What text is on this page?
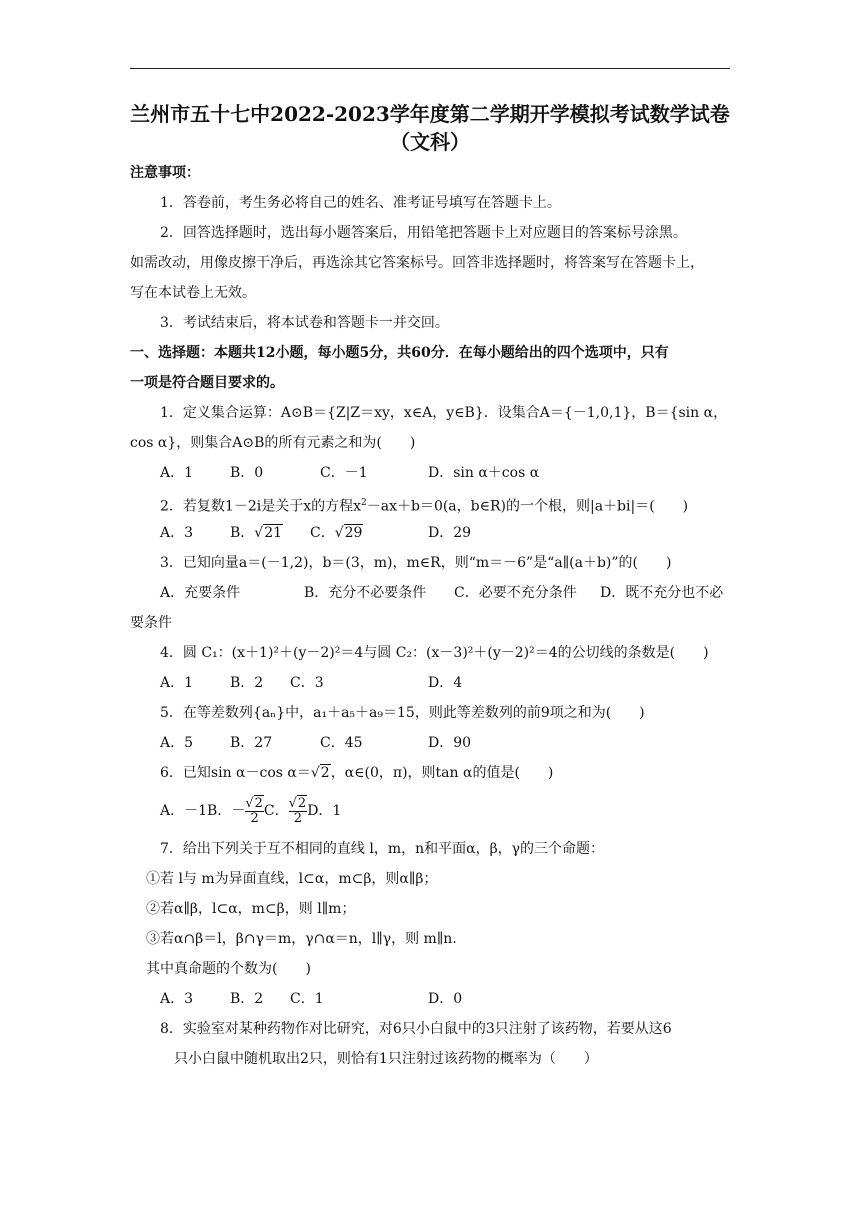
兰州市五十七中2022-2023学年度第二学期开学模拟考试数学试卷
（文科）
注意事项：
1．答卷前，考生务必将自己的姓名、准考证号填写在答题卡上。
2．回答选择题时，选出每小题答案后，用铅笔把答题卡上对应题目的答案标号涂黑。
如需改动，用像皮擦干净后，再选涂其它答案标号。回答非选择题时，将答案写在答题卡上，
写在本试卷上无效。
3．考试结束后，将本试卷和答题卡一并交回。
一、选择题：本题共12小题，每小题5分，共60分．在每小题给出的四个选项中，只有
一项是符合题目要求的。
1．定义集合运算：A⊙B＝{Z|Z＝xy，x∈A，y∈B}．设集合A＝{－1,0,1}，B＝{sin α，
cos α}，则集合A⊙B的所有元素之和为(　　)
A．1	B．0	C．－1	D．sin α＋cos α
2．若复数1－2i是关于x的方程$x^2-ax+b=0(a$，b∈R)的一个根，则|a＋bi|＝(　　)
A．3	B．√21 C．√29	D．29
3．已知向量a＝(－1,2)，b＝(3，m)，m∈R，则“m＝－6”是“a∥(a＋b)”的(　　)
A．充要条件	B．充分不必要条件 C．必要不充分条件 D．既不充分也不必
要条件
4．圆 C₁：(x＋1)²＋(y－2)²＝4与圆 C₂：(x－3)²＋(y－2)²＝4的公切线的条数是(　　)
A．1	B．2 C．3	D．4
5．在等差数列{aₙ}中，a₁＋a₅＋a₉＝15，则此等差数列的前9项之和为(　　)
A．5	B．27	C．45	D．90
6．已知sin α－cos α＝√2，α∈(0，π)，则tan α的值是(　　)
A．－1B．－ $\frac{√2}{2}$ C． $\frac{√2}{2}$ D．1
7．给出下列关于互不相同的直线 l，m，n和平面α，β，γ的三个命题：
①若 l与 m为异面直线，l⊂α，m⊂β，则α∥β；
②若α∥β，l⊂α，m⊂β，则 l∥m；
③若α∩β＝l，β∩γ＝m，γ∩α＝n，l∥γ，则 m∥n.
其中真命题的个数为(　　)
A．3	B．2 C．1	D．0
8．实验室对某种药物作对比研究，对6只小白鼠中的3只注射了该药物，若要从这6
只小白鼠中随机取出2只，则恰有1只注射过该药物的概率为（　　）
